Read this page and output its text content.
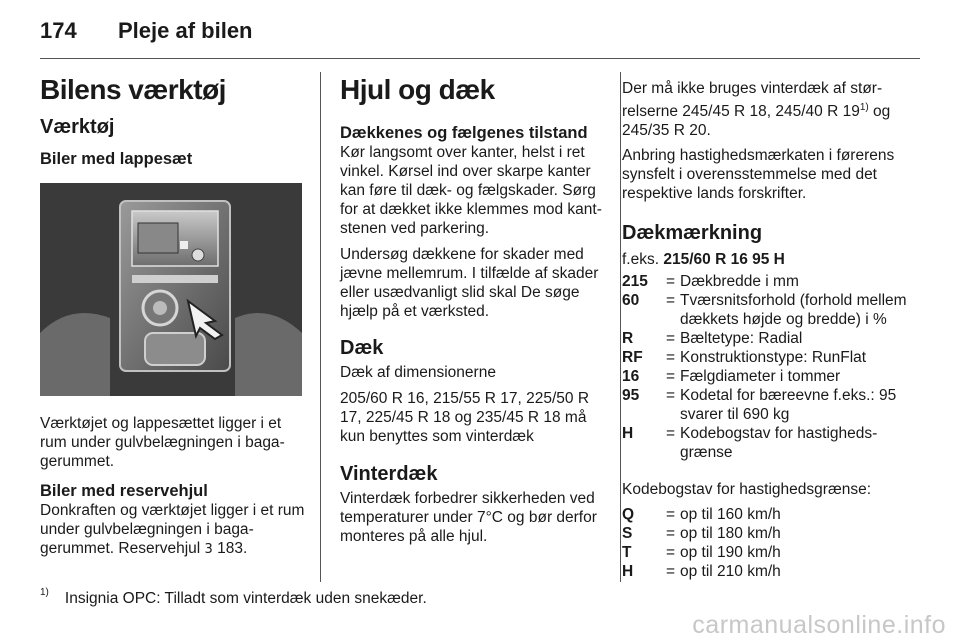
174 Pleje af bilen
Bilens værktøj
Værktøj
Biler med lappesæt

Værktøjet og lappesættet ligger i et rum under gulvbelægningen i bagagerummet.

Biler med reservehjul

Donkraften og værktøjet ligger i et rum under gulvbelægningen i bagagerummet. Reservehjul 3 183.

Hjul og dæk
Dækkenes og fælgenes tilstand

Kør langsomt over kanter, helst i ret vinkel. Kørsel ind over skarpe kanter kan føre til dæk- og fælgskader. Sørg for at dækket ikke klemmes mod kantstenen ved parkering.

Undersøg dækkene for skader med jævne mellemrum. I tilfælde af skader eller usædvanligt slid skal De søge hjælp på et værksted.

Dæk

Dæk af dimensionerne

205/60 R 16, 215/55 R 17, 225/50 R 17, 225/45 R 18 og 235/45 R 18 må kun benyttes som vinterdæk

Vinterdæk

Vinterdæk forbedrer sikkerheden ved temperaturer under 7°C og bør derfor monteres på alle hjul.

Der må ikke bruges vinterdæk af størrelserne 245/45 R 18, 245/40 R 19$^{1)}$ og 245/35 R 20.

Anbring hastighedsmærkaten i førerens synsfelt i overensstemmelse med det respektive lands forskrifter.

Dækmærkning

f.eks. 215/60 R 16 95 H

215	= Dækbredde i mm
60	= Tværsnitsforhold (forhold mellem dækkets højde og bredde) i %
R	= Bæltetype: Radial
RF	= Konstruktionstype: RunFlat
16	= Fælgdiameter i tommer
95	= Kodetal for bæreevne f.eks.: 95 svarer til 690 kg
H	= Kodebogstav for hastighedsgrænse

Kodebogstav for hastighedsgrænse:

Q	= op til 160 km/h
S	= op til 180 km/h
T	= op til 190 km/h
H	= op til 210 km/h
$^{1)}$ Insignia OPC: Tilladt som vinterdæk uden snekæder.
carmanualsonline.info
